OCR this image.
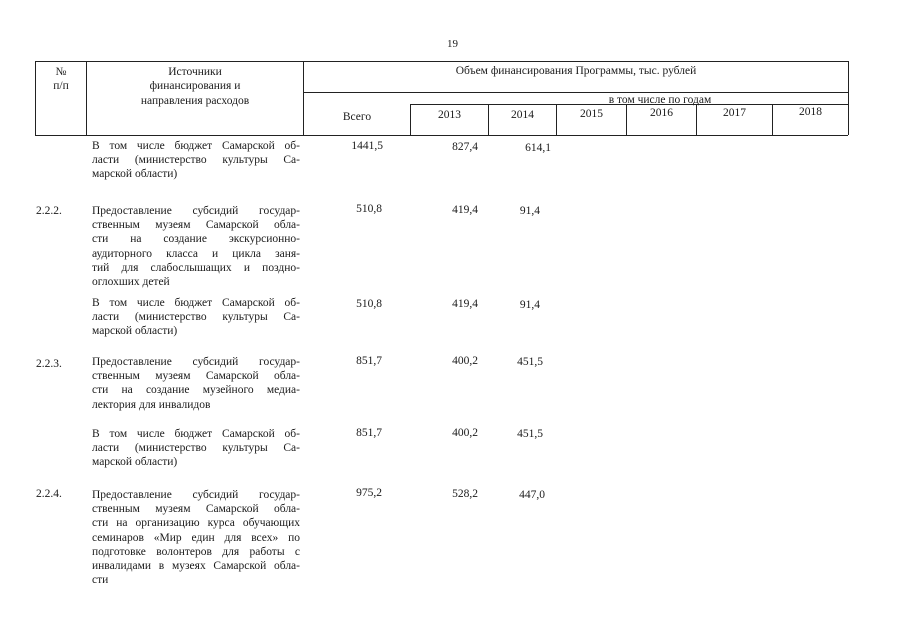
19
№
п/п
Источники
финансирования и
направления расходов
Объем финансирования Программы, тыс. рублей
в том числе по годам
Всего	2013	2014	2015	2016	2017	2018
В том числе бюджет Самарской об-
ласти (министерство культуры Са-
марской области)
1441,5	827,4	614,1
2.2.2.	Предоставление субсидий государ-
ственным музеям Самарской обла-
сти на создание экскурсионно-
аудиторного класса и цикла заня-
тий для слабослышащих и поздно-
оглохших детей
510,8	419,4	91,4
В том числе бюджет Самарской об-
ласти (министерство культуры Са-
марской области)
510,8	419,4	91,4
2.2.3.	Предоставление субсидий государ-
ственным музеям Самарской обла-
сти на создание музейного медиа-
лектория для инвалидов
851,7	400,2	451,5
В том числе бюджет Самарской об-
ласти (министерство культуры Са-
марской области)
851,7	400,2	451,5
2.2.4.	Предоставление субсидий государ-
ственным музеям Самарской обла-
сти на организацию курса обучающих
семинаров «Мир един для всех» по
подготовке волонтеров для работы с
инвалидами в музеях Самарской обла-
сти
975,2	528,2	447,0
